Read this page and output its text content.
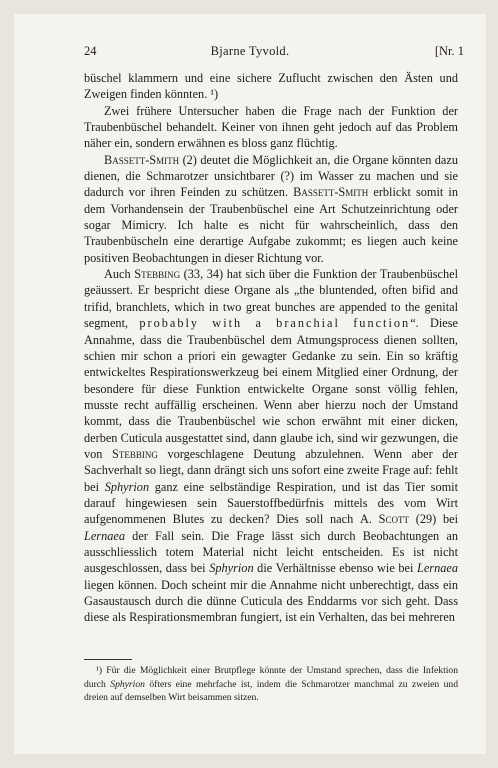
24	Bjarne Tyvold.	[Nr. 1

büschel klammern und eine sichere Zuflucht zwischen den Ästen und Zweigen finden könnten. ¹)

Zwei frühere Untersucher haben die Frage nach der Funktion der Traubenbüschel behandelt. Keiner von ihnen geht jedoch auf das Problem näher ein, sondern erwähnen es bloss ganz flüchtig.

Bassett-Smith (2) deutet die Möglichkeit an, die Organe könnten dazu dienen, die Schmarotzer unsichtbarer (?) im Wasser zu machen und sie dadurch vor ihren Feinden zu schützen. Bassett-Smith erblickt somit in dem Vorhandensein der Traubenbüschel eine Art Schutzeinrichtung oder sogar Mimicry. Ich halte es nicht für wahrscheinlich, dass den Traubenbüscheln eine derartige Aufgabe zukommt; es liegen auch keine positiven Beobachtungen in dieser Richtung vor.

Auch Stebbing (33, 34) hat sich über die Funktion der Traubenbüschel geäussert. Er bespricht diese Organe als „the bluntended, often bifid and trifid, branchlets, which in two great bunches are appended to the genital segment, probably with a branchial function“. Diese Annahme, dass die Traubenbüschel dem Atmungsprocess dienen sollten, schien mir schon a priori ein gewagter Gedanke zu sein. Ein so kräftig entwickeltes Respirationswerkzeug bei einem Mitglied einer Ordnung, der besondere für diese Funktion entwickelte Organe sonst völlig fehlen, musste recht auffällig erscheinen. Wenn aber hierzu noch der Umstand kommt, dass die Traubenbüschel wie schon erwähnt mit einer dicken, derben Cuticula ausgestattet sind, dann glaube ich, sind wir gezwungen, die von Stebbing vorgeschlagene Deutung abzulehnen. Wenn aber der Sachverhalt so liegt, dann drängt sich uns sofort eine zweite Frage auf: fehlt bei Sphyrion ganz eine selbständige Respiration, und ist das Tier somit darauf hingewiesen sein Sauerstoffbedürfnis mittels des vom Wirt aufgenommenen Blutes zu decken? Dies soll nach A. Scott (29) bei Lernaea der Fall sein. Die Frage lässt sich durch Beobachtungen an ausschliesslich totem Material nicht leicht entscheiden. Es ist nicht ausgeschlossen, dass bei Sphyrion die Verhältnisse ebenso wie bei Lernaea liegen können. Doch scheint mir die Annahme nicht unberechtigt, dass ein Gasaustausch durch die dünne Cuticula des Enddarms vor sich geht. Dass diese als Respirationsmembran fungiert, ist ein Verhalten, das bei mehreren

¹) Für die Möglichkeit einer Brutpflege könnte der Umstand sprechen, dass die Infektion durch Sphyrion öfters eine mehrfache ist, indem die Schmarotzer manchmal zu zweien und dreien auf demselben Wirt beisammen sitzen.
